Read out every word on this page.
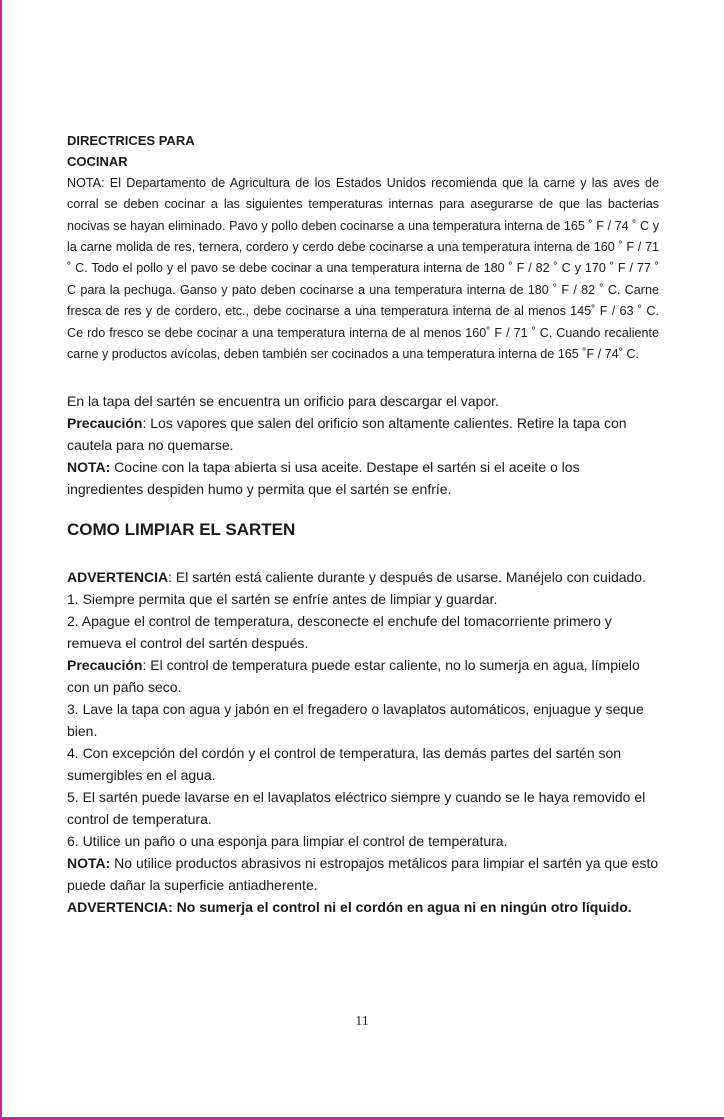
DIRECTRICES PARA
COCINAR

NOTA: El Departamento de Agricultura de los Estados Unidos recomienda que la carne y las aves de corral se deben cocinar a las siguientes temperaturas internas para asegurarse de que las bacterias nocivas se hayan eliminado. Pavo y pollo deben cocinarse a una temperatura interna de 165 ˚ F / 74 ˚ C y la carne molida de res, ternera, cordero y cerdo debe cocinarse a una temperatura interna de 160 ˚ F / 71 ˚ C. Todo el pollo y el pavo se debe cocinar a una temperatura interna de 180 ˚ F / 82 ˚ C y 170 ˚ F / 77 ˚ C para la pechuga. Ganso y pato deben cocinarse a una temperatura interna de 180 ˚ F / 82 ˚ C. Carne fresca de res y de cordero, etc., debe cocinarse a una temperatura interna de al menos 145˚ F / 63 ˚ C. Ce rdo fresco se debe cocinar a una temperatura interna de al menos 160˚ F / 71 ˚ C. Cuando recaliente carne y productos avícolas, deben también ser cocinados a una temperatura interna de 165 ˚F / 74˚ C.

En la tapa del sartén se encuentra un orificio para descargar el vapor.

Precaución: Los vapores que salen del orificio son altamente calientes. Retire la tapa con cautela para no quemarse.

NOTA: Cocine con la tapa abierta si usa aceite. Destape el sartén si el aceite o los ingredientes despiden humo y permita que el sartén se enfríe.

COMO LIMPIAR EL SARTEN

ADVERTENCIA: El sartén está caliente durante y después de usarse. Manéjelo con cuidado.

1. Siempre permita que el sartén se enfríe antes de limpiar y guardar.

2. Apague el control de temperatura, desconecte el enchufe del tomacorriente primero y remueva el control del sartén después.

Precaución: El control de temperatura puede estar caliente, no lo sumerja en agua, límpielo con un paño seco.

3. Lave la tapa con agua y jabón en el fregadero o lavaplatos automáticos, enjuague y seque bien.

4. Con excepción del cordón y el control de temperatura, las demás partes del sartén son sumergibles en el agua.

5. El sartén puede lavarse en el lavaplatos eléctrico siempre y cuando se le haya removido el control de temperatura.

6. Utilice un paño o una esponja para limpiar el control de temperatura.

NOTA: No utilice productos abrasivos ni estropajos metálicos para limpiar el sartén ya que esto puede dañar la superficie antiadherente.

ADVERTENCIA: No sumerja el control ni el cordón en agua ni en ningún otro líquido.

11
